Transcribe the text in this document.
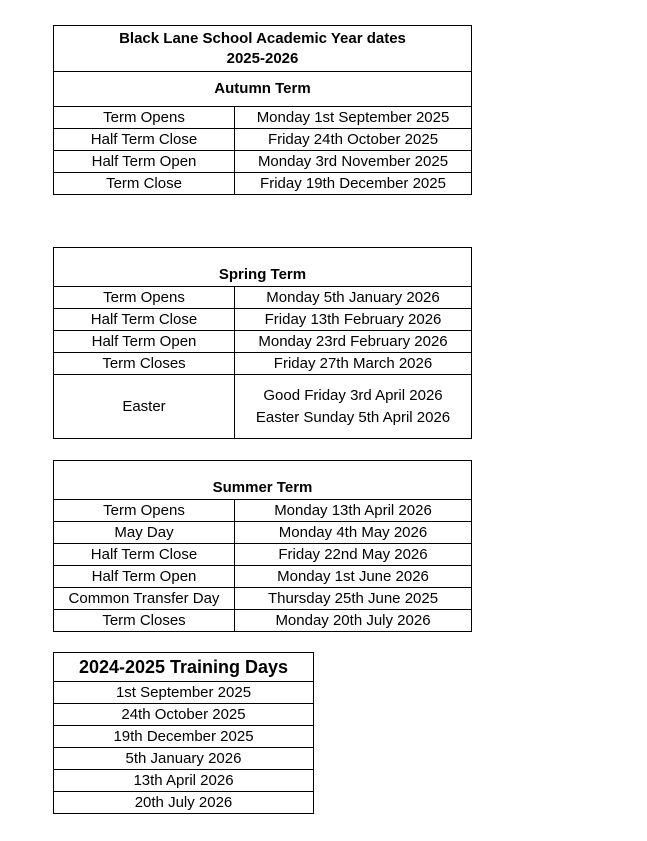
Black Lane School Academic Year dates
2025-2026	

Autumn Term	
Term Opens	Monday 1st September 2025
Half Term Close	Friday 24th October 2025
Half Term Open	Monday 3rd November 2025
Term Close	Friday 19th December 2025
Spring Term	
Term Opens	Monday 5th January 2026
Half Term Close	Friday 13th February 2026
Half Term Open	Monday 23rd February 2026
Term Closes	Friday 27th March 2026
Easter	Good Friday 3rd April 2026
Easter Sunday 5th April 2026
Summer Term	
Term Opens	Monday 13th April 2026
May Day	Monday 4th May 2026
Half Term Close	Friday 22nd May 2026
Half Term Open	Monday 1st June 2026
Common Transfer Day	Thursday 25th June 2025
Term Closes	Monday 20th July 2026
2024-2025 Training Days
1st September 2025
24th October 2025
19th December 2025
5th January 2026
13th April 2026
20th July 2026
